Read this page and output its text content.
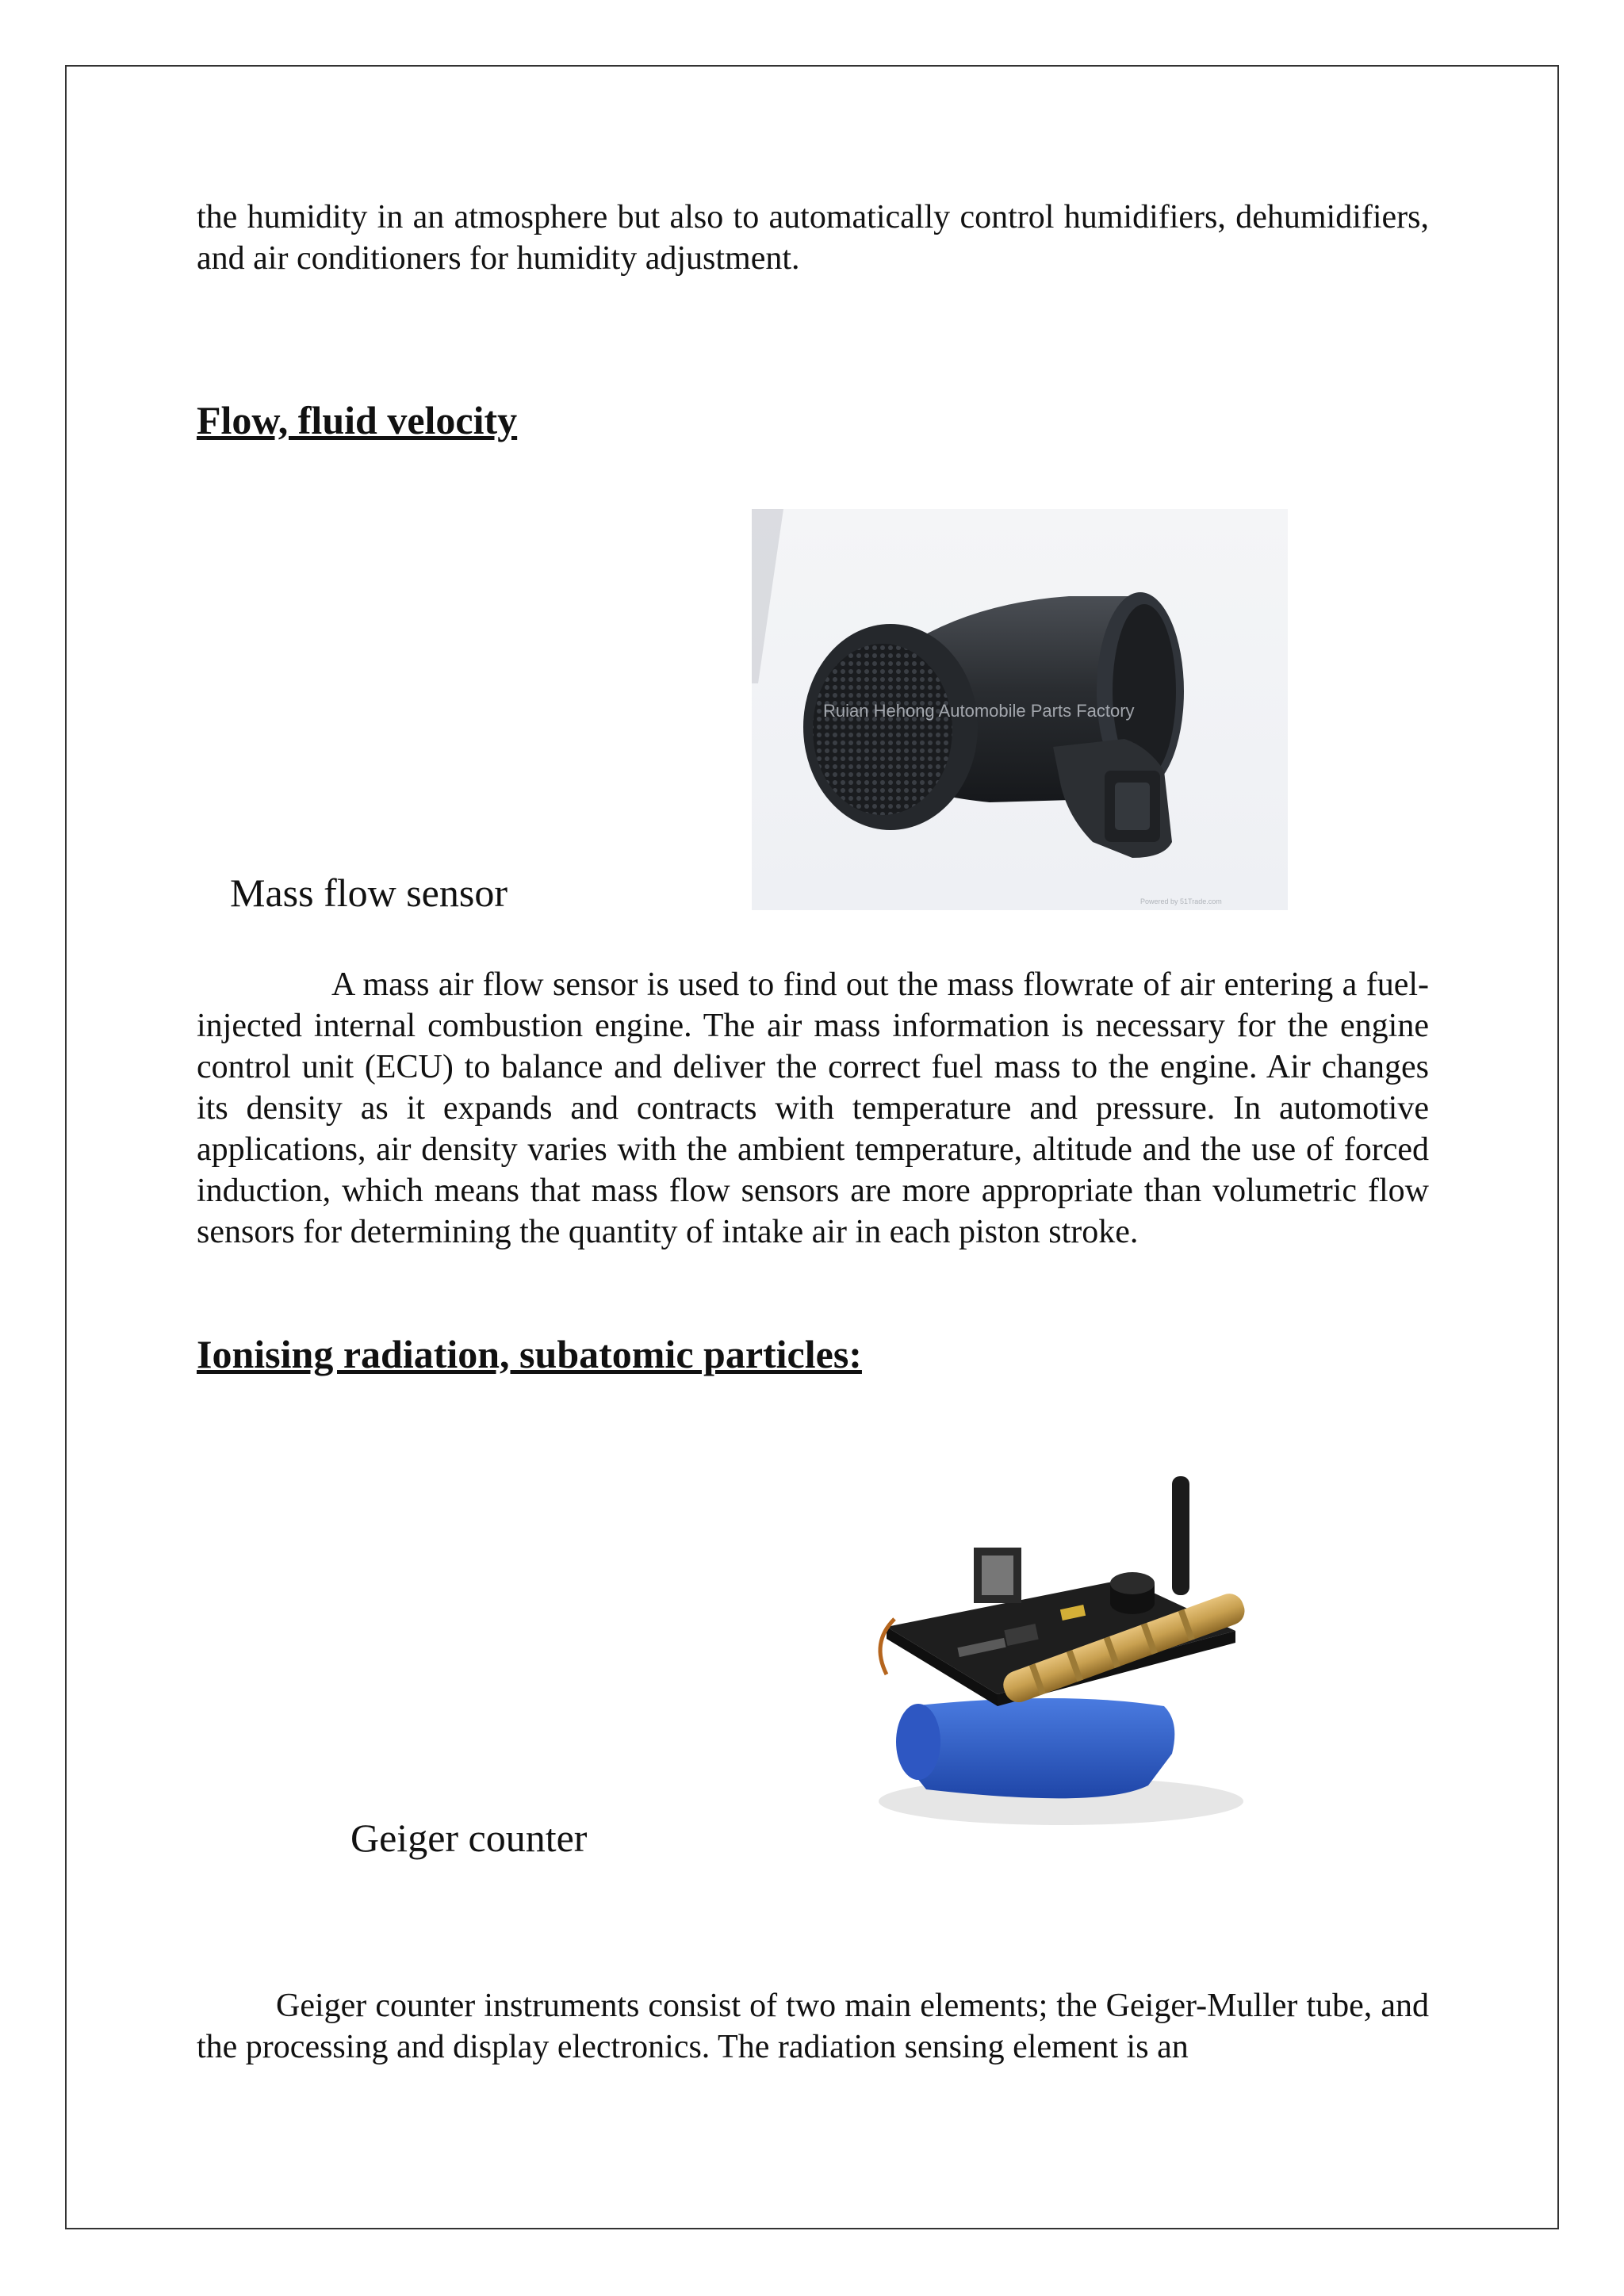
the humidity in an atmosphere but also to automatically control humidifiers, dehumidifiers, and air conditioners for humidity adjustment.

Flow, fluid velocity
Ruian Hehong Automobile Parts Factory
Powered by 51Trade.com
Mass flow sensor

A mass air flow sensor is used to find out the mass flowrate of air entering a fuel-injected internal combustion engine. The air mass information is necessary for the engine control unit (ECU) to balance and deliver the correct fuel mass to the engine. Air changes its density as it expands and contracts with temperature and pressure. In automotive applications, air density varies with the ambient temperature, altitude and the use of forced induction, which means that mass flow sensors are more appropriate than volumetric flow sensors for determining the quantity of intake air in each piston stroke.

Ionising radiation, subatomic particles:
Geiger counter

Geiger counter instruments consist of two main elements; the Geiger-Muller tube, and the processing and display electronics. The radiation sensing element is an
